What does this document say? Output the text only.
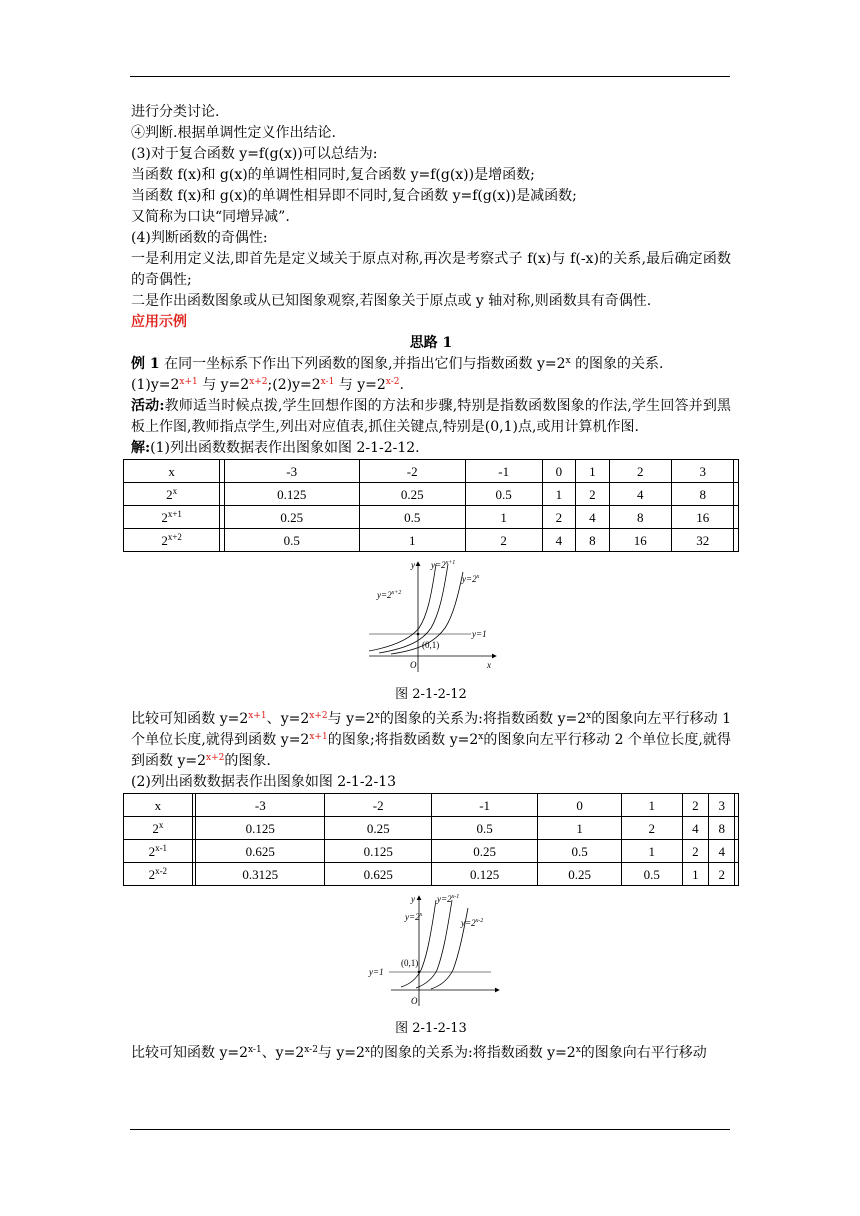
进行分类讨论.

④判断.根据单调性定义作出结论.

(3)对于复合函数 y=f(g(x))可以总结为:

当函数 f(x)和 g(x)的单调性相同时,复合函数 y=f(g(x))是增函数;

当函数 f(x)和 g(x)的单调性相异即不同时,复合函数 y=f(g(x))是减函数;

又简称为口诀“同增异减”.

(4)判断函数的奇偶性:

一是利用定义法,即首先是定义域关于原点对称,再次是考察式子 f(x)与 f(-x)的关系,最后确定函数的奇偶性;

二是作出函数图象或从已知图象观察,若图象关于原点或 y 轴对称,则函数具有奇偶性.

应用示例

思路 1

例 1 在同一坐标系下作出下列函数的图象,并指出它们与指数函数 $y=2^x$ 的图象的关系.

$(1)y=2^{x+1}$ 与 $y=2^{x+2};(2)y=2^{x-1}$ 与 $y=2^{x-2}$.

活动:教师适当时候点拨,学生回想作图的方法和步骤,特别是指数函数图象的作法,学生回答并到黑板上作图,教师指点学生,列出对应值表,抓住关键点,特别是(0,1)点,或用计算机作图.

解:(1)列出函数数据表作出图象如图 2-1-2-12.

x		-3	-2	-1	0	1	2	3	
2$^x$		0.125	0.25	0.5	1	2	4	8	
$2^{x+1}$		0.25	0.5	1	2	4	8	16	
$2^{x+2}$		0.5	1	2	4	8	16	32	
y
x
O
(0,1)
y=1
$y=2^{x+1}$
$y=2^{x+2}$
$y=2^x$
图 2-1-2-12

比较可知函数 $y=2^{x+1}$、$y=2^{x+2}$与 $y=2^x$的图象的关系为:将指数函数 $y=2^x$的图象向左平行移动 1 个单位长度,就得到函数 $y=2^{x+1}$的图象;将指数函数 $y=2^x$的图象向左平行移动 2 个单位长度,就得到函数 $y=2^{x+2}$的图象.

(2)列出函数数据表作出图象如图 2-1-2-13

x		-3	-2	-1	0	1	2	3	
2$^x$		0.125	0.25	0.5	1	2	4	8	
2$^{x-1}$		0.625	0.125	0.25	0.5	1	2	4	
2$^{x-2}$		0.3125	0.625	0.125	0.25	0.5	1	2	
y
O
(0,1)
y=1
$y=2^x$
$y=2^{x-1}$
$y=2^{x-2}$
图 2-1-2-13

比较可知函数 $y=2^{x-1}$、$y=2^{x-2}$与 $y=2^x$的图象的关系为:将指数函数 $y=2^x$的图象向右平行移动
